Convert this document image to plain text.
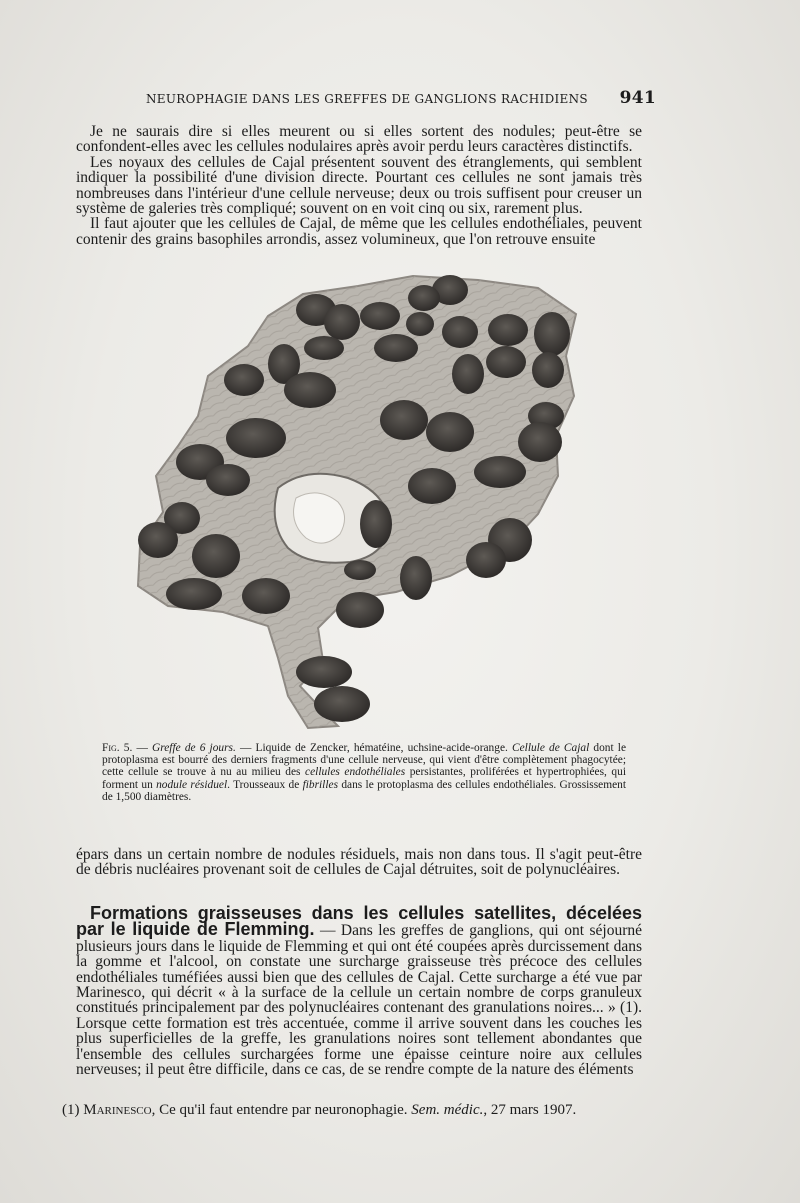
NEUROPHAGIE DANS LES GREFFES DE GANGLIONS RACHIDIENS 941

Je ne saurais dire si elles meurent ou si elles sortent des nodules; peut-être se confondent-elles avec les cellules nodulaires après avoir perdu leurs caractères distinctifs.

Les noyaux des cellules de Cajal présentent souvent des étranglements, qui semblent indiquer la possibilité d'une division directe. Pourtant ces cellules ne sont jamais très nombreuses dans l'intérieur d'une cellule nerveuse; deux ou trois suffisent pour creuser un système de galeries très compliqué; souvent on en voit cinq ou six, rarement plus.

Il faut ajouter que les cellules de Cajal, de même que les cellules endothéliales, peuvent contenir des grains basophiles arrondis, assez volumineux, que l'on retrouve ensuite

Fig. 5. — Greffe de 6 jours. — Liquide de Zencker, hématéine, uchsine-acide-orange. Cellule de Cajal dont le protoplasma est bourré des derniers fragments d'une cellule nerveuse, qui vient d'être complètement phagocytée; cette cellule se trouve à nu au milieu des cellules endothéliales persistantes, proliférées et hypertrophiées, qui forment un nodule résiduel. Trousseaux de fibrilles dans le protoplasma des cellules endothéliales. Grossissement de 1,500 diamètres.

épars dans un certain nombre de nodules résiduels, mais non dans tous. Il s'agit peut-être de débris nucléaires provenant soit de cellules de Cajal détruites, soit de polynucléaires.

Formations graisseuses dans les cellules satellites, décelées par le liquide de Flemming. — Dans les greffes de ganglions, qui ont séjourné plusieurs jours dans le liquide de Flemming et qui ont été coupées après durcissement dans la gomme et l'alcool, on constate une surcharge graisseuse très précoce des cellules endothéliales tuméfiées aussi bien que des cellules de Cajal. Cette surcharge a été vue par Marinesco, qui décrit « à la surface de la cellule un certain nombre de corps granuleux constitués principalement par des polynucléaires contenant des granulations noires... » (1). Lorsque cette formation est très accentuée, comme il arrive souvent dans les couches les plus superficielles de la greffe, les granulations noires sont tellement abondantes que l'ensemble des cellules surchargées forme une épaisse ceinture noire aux cellules nerveuses; il peut être difficile, dans ce cas, de se rendre compte de la nature des éléments

(1) Marinesco, Ce qu'il faut entendre par neuronophagie. Sem. médic., 27 mars 1907.
